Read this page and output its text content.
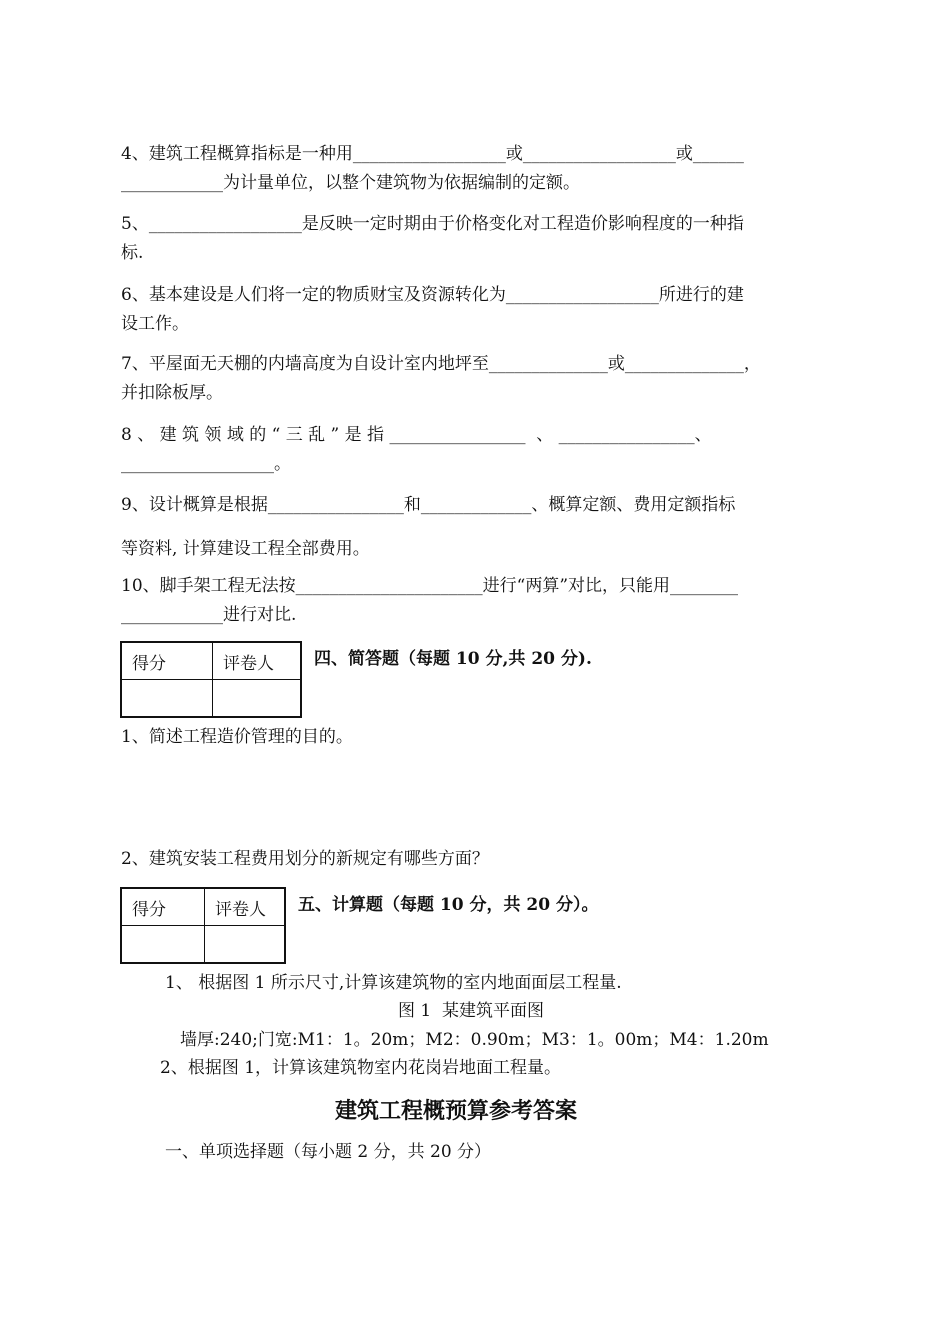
4、建筑工程概算指标是一种用__________________或__________________或______
____________为计量单位，以整个建筑物为依据编制的定额。
5、__________________是反映一定时期由于价格变化对工程造价影响程度的一种指
标.
6、基本建设是人们将一定的物质财宝及资源转化为__________________所进行的建
设工作。
7、平屋面无天棚的内墙高度为自设计室内地坪至______________或______________，
并扣除板厚。
8 、 建 筑 领 域 的 “ 三 乱 ” 是 指 ________________  、 ________________、
__________________。
9、设计概算是根据________________和_____________、概算定额、费用定额指标
等资料, 计算建设工程全部费用。
10、脚手架工程无法按______________________进行“两算”对比，只能用________
____________进行对比.
得分	评卷人
	四、简答题（每题 10 分,共 20 分).
1、简述工程造价管理的目的。
2、建筑安装工程费用划分的新规定有哪些方面？
得分	评卷人
	五、计算题（每题 10 分，共 20 分）。
1、 根据图 1 所示尺寸,计算该建筑物的室内地面面层工程量.
图 1  某建筑平面图
墙厚:240;门宽:M1：1。20m；M2：0.90m；M3：1。00m；M4：1.20m
2、根据图 1，计算该建筑物室内花岗岩地面工程量。
建筑工程概预算参考答案
一、单项选择题（每小题 2 分，共 20 分）
